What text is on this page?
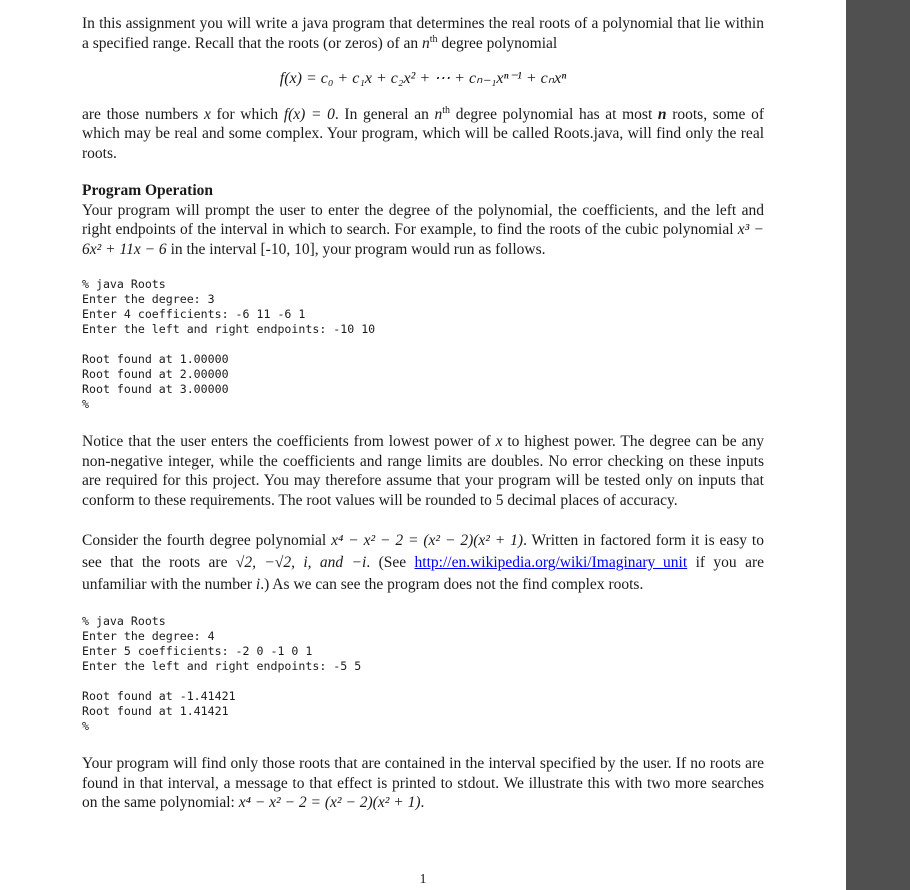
In this assignment you will write a java program that determines the real roots of a polynomial that lie within a specified range. Recall that the roots (or zeros) of an $n^{th}$ degree polynomial

f(x) = c₀ + c₁x + c₂x² + ⋯ + cₙ₋₁xⁿ⁻¹ + cₙxⁿ

are those numbers x for which f(x) = 0. In general an $n^{th}$ degree polynomial has at most n roots, some of which may be real and some complex. Your program, which will be called Roots.java, will find only the real roots.

Program Operation

Your program will prompt the user to enter the degree of the polynomial, the coefficients, and the left and right endpoints of the interval in which to search. For example, to find the roots of the cubic polynomial x³ − 6x² + 11x − 6 in the interval [-10, 10], your program would run as follows.

% java Roots
Enter the degree: 3
Enter 4 coefficients: -6 11 -6 1
Enter the left and right endpoints: -10 10
Root found at 1.00000
Root found at 2.00000
Root found at 3.00000
%

Notice that the user enters the coefficients from lowest power of x to highest power. The degree can be any non-negative integer, while the coefficients and range limits are doubles. No error checking on these inputs are required for this project. You may therefore assume that your program will be tested only on inputs that conform to these requirements. The root values will be rounded to 5 decimal places of accuracy.

Consider the fourth degree polynomial x⁴ − x² − 2 = (x² − 2)(x² + 1). Written in factored form it is easy to see that the roots are √2, −√2, i, and −i. (See http://en.wikipedia.org/wiki/Imaginary_unit if you are unfamiliar with the number i.) As we can see the program does not the find complex roots.

% java Roots
Enter the degree: 4
Enter 5 coefficients: -2 0 -1 0 1
Enter the left and right endpoints: -5 5
Root found at -1.41421
Root found at 1.41421
%

Your program will find only those roots that are contained in the interval specified by the user. If no roots are found in that interval, a message to that effect is printed to stdout. We illustrate this with two more searches on the same polynomial: x⁴ − x² − 2 = (x² − 2)(x² + 1).

1
